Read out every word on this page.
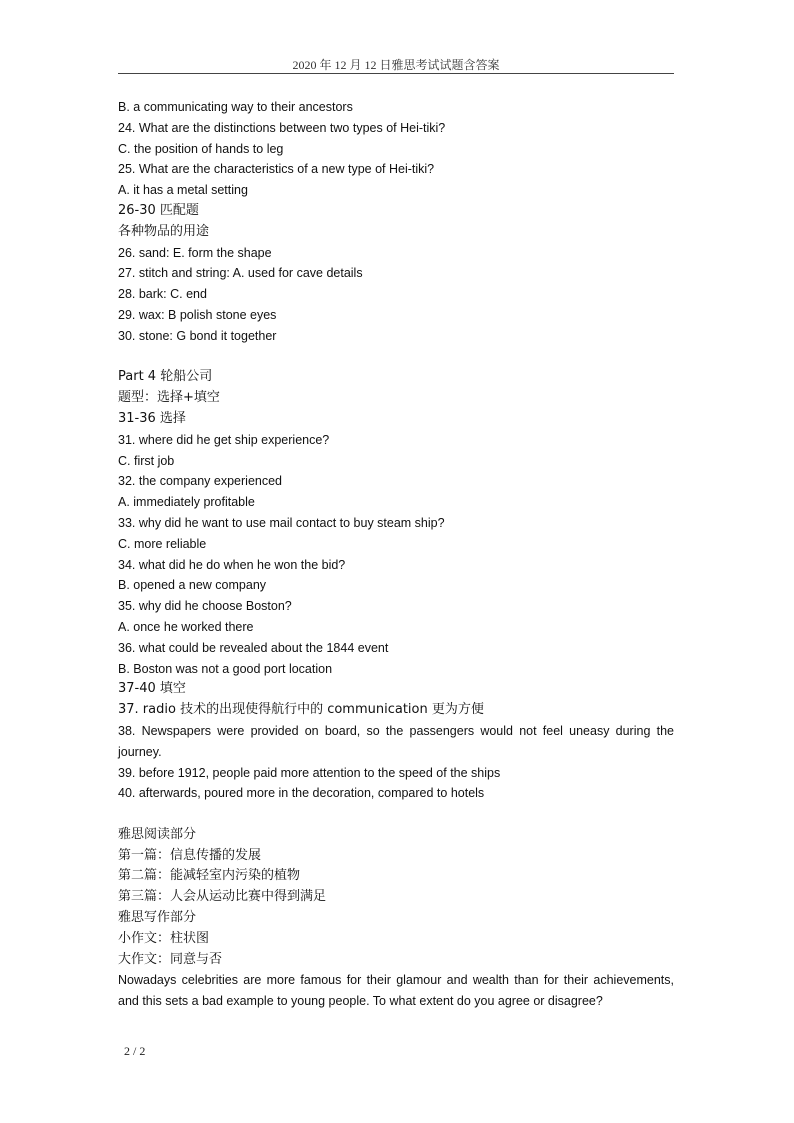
2020 年 12 月 12 日雅思考试试题含答案
B. a communicating way to their ancestors
24. What are the distinctions between two types of Hei-tiki?
C. the position of hands to leg
25. What are the characteristics of a new type of Hei-tiki?
A. it has a metal setting
26-30 匹配题
各种物品的用途
26. sand: E. form the shape
27. stitch and string: A. used for cave details
28. bark: C. end
29. wax: B polish stone eyes
30. stone: G bond it together
Part 4 轮船公司
题型：选择+填空
31-36 选择
31. where did he get ship experience?
C. first job
32. the company experienced
A. immediately profitable
33. why did he want to use mail contact to buy steam ship?
C. more reliable
34. what did he do when he won the bid?
B. opened a new company
35. why did he choose Boston?
A. once he worked there
36. what could be revealed about the 1844 event
B. Boston was not a good port location
37-40 填空
37. radio 技术的出现使得航行中的 communication 更为方便
38. Newspapers were provided on board, so the passengers would not feel uneasy during the journey.
39. before 1912, people paid more attention to the speed of the ships
40. afterwards, poured more in the decoration, compared to hotels
雅思阅读部分
第一篇：信息传播的发展
第二篇：能减轻室内污染的植物
第三篇：人会从运动比赛中得到满足
雅思写作部分
小作文：柱状图
大作文：同意与否
Nowadays celebrities are more famous for their glamour and wealth than for their achievements, and this sets a bad example to young people. To what extent do you agree or disagree?
2 / 2
